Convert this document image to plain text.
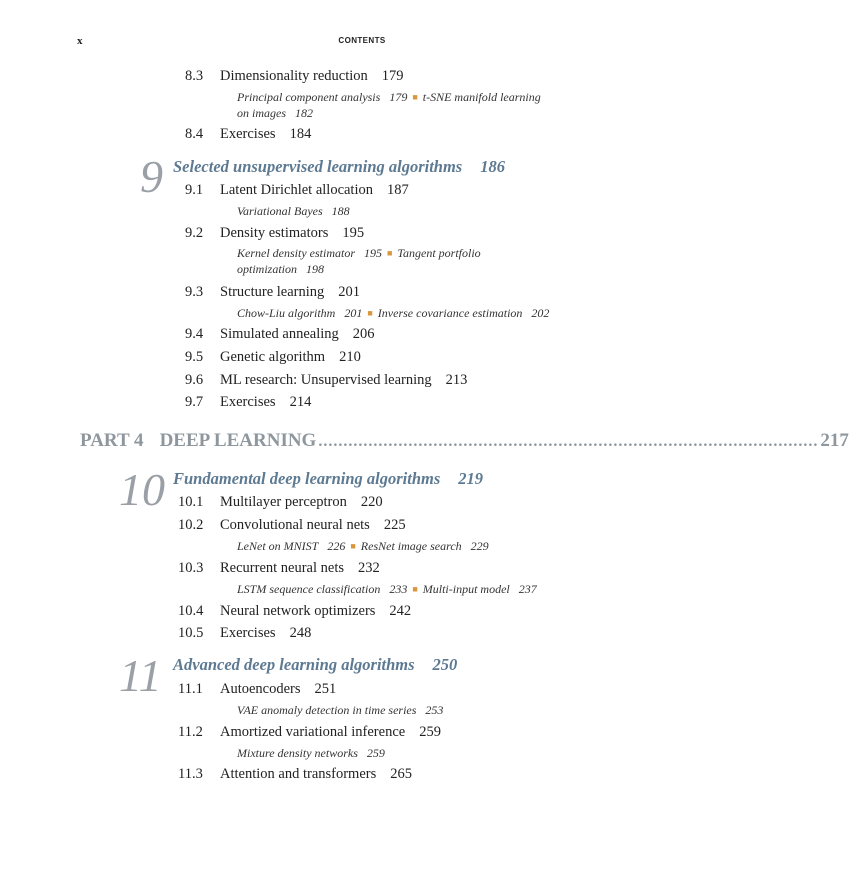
x	CONTENTS
8.3 Dimensionality reduction 179
Principal component analysis 179 ■ t-SNE manifold learning
on images 182
8.4 Exercises 184
9 Selected unsupervised learning algorithms 186
9.1 Latent Dirichlet allocation 187
Variational Bayes 188
9.2 Density estimators 195
Kernel density estimator 195 ■ Tangent portfolio
optimization 198
9.3 Structure learning 201
Chow-Liu algorithm 201 ■ Inverse covariance estimation 202
9.4 Simulated annealing 206
9.5 Genetic algorithm 210
9.6 ML research: Unsupervised learning 213
9.7 Exercises 214
PART 4 DEEP LEARNING .................................................................................................... 217
10 Fundamental deep learning algorithms 219
10.1 Multilayer perceptron 220
10.2 Convolutional neural nets 225
LeNet on MNIST 226 ■ ResNet image search 229
10.3 Recurrent neural nets 232
LSTM sequence classification 233 ■ Multi-input model 237
10.4 Neural network optimizers 242
10.5 Exercises 248
11 Advanced deep learning algorithms 250
11.1 Autoencoders 251
VAE anomaly detection in time series 253
11.2 Amortized variational inference 259
Mixture density networks 259
11.3 Attention and transformers 265
